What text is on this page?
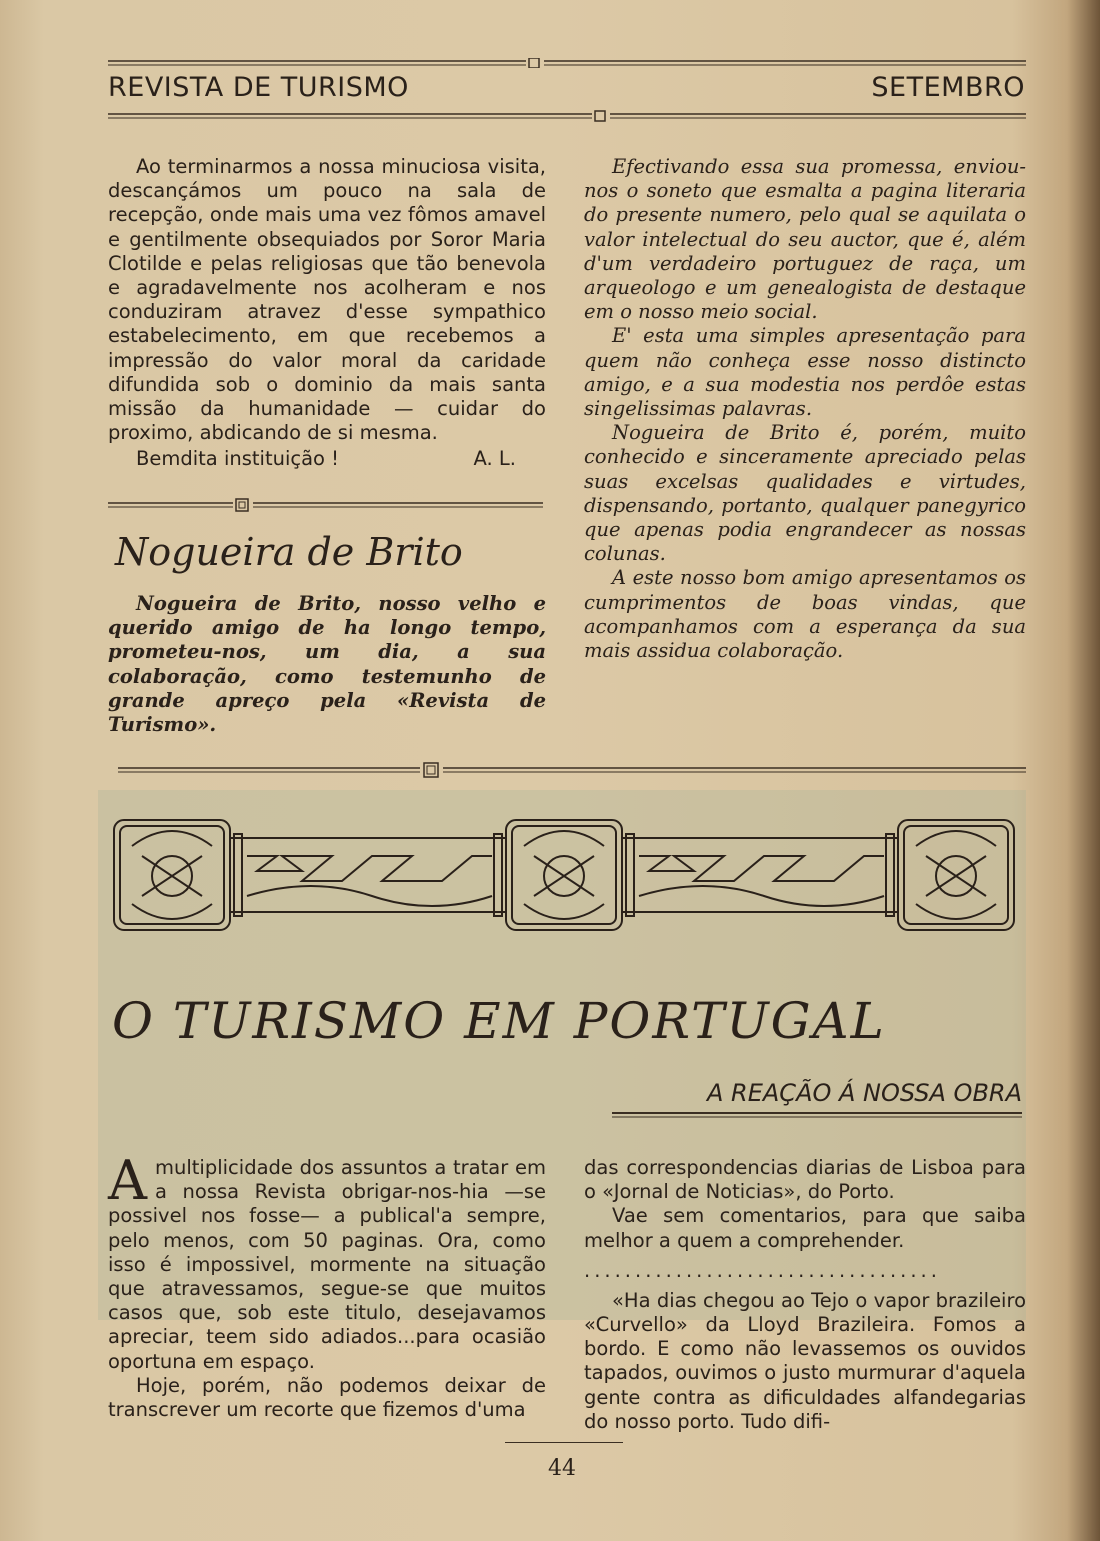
REVISTA DE TURISMO	SETEMBRO

Ao terminarmos a nossa minuciosa visita, descançámos um pouco na sala de recepção, onde mais uma vez fômos amavel e gentilmente obsequiados por Soror Maria Clotilde e pelas religiosas que tão benevola e agradavelmente nos acolheram e nos conduziram atravez d'esse sympathico estabelecimento, em que recebemos a impressão do valor moral da caridade difundida sob o dominio da mais santa missão da humanidade — cuidar do proximo, abdicando de si mesma.

Bemdita instituição !	A. L.
Nogueira de Brito

Nogueira de Brito, nosso velho e querido amigo de ha longo tempo, prometeu-nos, um dia, a sua colaboração, como testemunho de grande apreço pela «Revista de Turismo».

Efectivando essa sua promessa, enviou-nos o soneto que esmalta a pagina literaria do presente numero, pelo qual se aquilata o valor intelectual do seu auctor, que é, além d'um verdadeiro portuguez de raça, um arqueologo e um genealogista de destaque em o nosso meio social.

E' esta uma simples apresentação para quem não conheça esse nosso distincto amigo, e a sua modestia nos perdôe estas singelissimas palavras.

Nogueira de Brito é, porém, muito conhecido e sinceramente apreciado pelas suas excelsas qualidades e virtudes, dispensando, portanto, qualquer panegyrico que apenas podia engrandecer as nossas colunas.

A este nosso bom amigo apresentamos os cumprimentos de boas vindas, que acompanhamos com a esperança da sua mais assidua colaboração.

O TURISMO EM PORTUGAL
A REAÇÃO Á NOSSA OBRA

Amultiplicidade dos assuntos a tratar em a nossa Revista obrigar-nos-hia —se possivel nos fosse— a publical'a sempre, pelo menos, com 50 paginas. Ora, como isso é impossivel, mormente na situação que atravessamos, segue-se que muitos casos que, sob este titulo, desejavamos apreciar, teem sido adiados...para ocasião oportuna em espaço.

Hoje, porém, não podemos deixar de transcrever um recorte que fizemos d'uma

das correspondencias diarias de Lisboa para o «Jornal de Noticias», do Porto.

Vae sem comentarios, para que saiba melhor a quem a comprehender.

...................................

«Ha dias chegou ao Tejo o vapor brazileiro «Curvello» da Lloyd Brazileira. Fomos a bordo. E como não levassemos os ouvidos tapados, ouvimos o justo murmurar d'aquela gente contra as dificuldades alfandegarias do nosso porto. Tudo difi-

44
